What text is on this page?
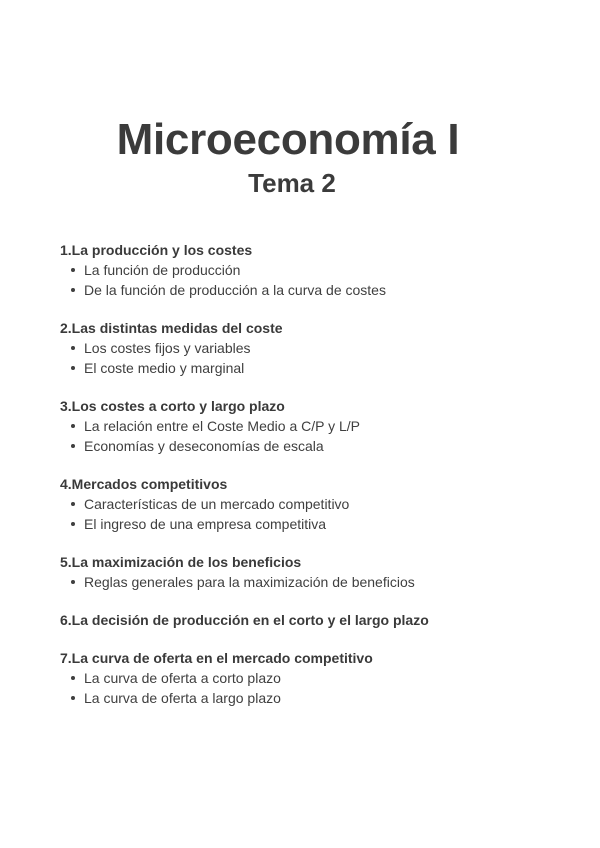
Microeconomía I
Tema 2
1.La producción y los costes
La función de producción
De la función de producción a la curva de costes
2.Las distintas medidas del coste
Los costes fijos y variables
El coste medio y marginal
3.Los costes a corto y largo plazo
La relación entre el Coste Medio a C/P y L/P
Economías y deseconomías de escala
4.Mercados competitivos
Características de un mercado competitivo
El ingreso de una empresa competitiva
5.La maximización de los beneficios
Reglas generales para la maximización de beneficios
6.La decisión de producción en el corto y el largo plazo
7.La curva de oferta en el mercado competitivo
La curva de oferta a corto plazo
La curva de oferta a largo plazo
